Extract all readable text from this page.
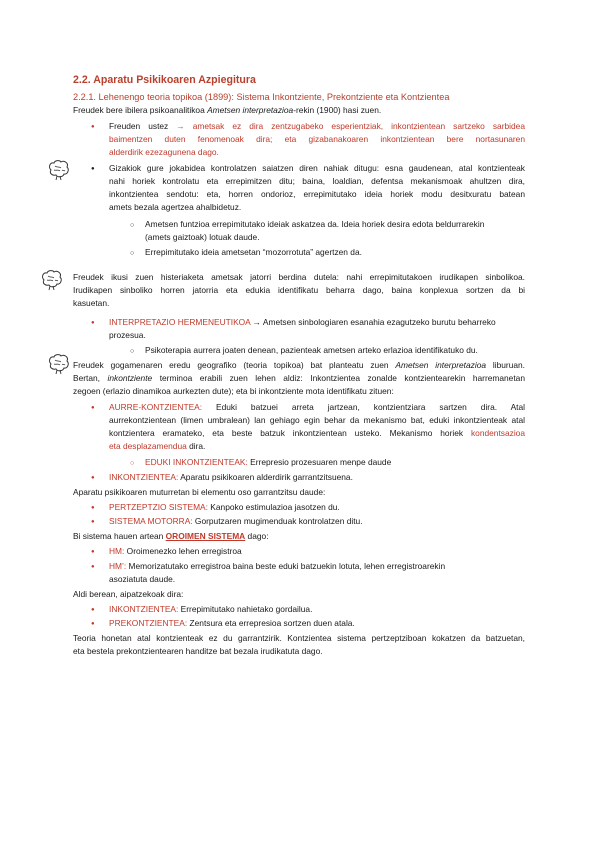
2.2. Aparatu Psikikoaren Azpiegitura
2.2.1. Lehenengo teoria topikoa (1899): Sistema Inkontziente, Prekontziente eta Kontzientea
Freudek bere ibilera psikoanalitikoa Ametsen interpretazioa-rekin (1900) hasi zuen.
●
Freuden ustez → ametsak ez dira zentzugabeko esperientziak, inkontzientean sartzeko sarbidea
baimentzen duten fenomenoak dira; eta gizabanakoaren inkontzientean bere nortasunaren
alderdirik ezezagunena dago.
●
Gizakiok gure jokabidea kontrolatzen saiatzen diren nahiak ditugu: esna gaudenean, atal kontzienteak
nahi horiek kontrolatu eta errepimitzen ditu; baina, loaldian, defentsa mekanismoak ahultzen dira,
inkontzientea sendotu: eta, horren ondorioz, errepimitutako ideia horiek modu desitxuratu batean
amets bezala agertzea ahalbidetuz.
○
Ametsen funtzioa errepimitutako ideiak askatzea da. Ideia horiek desira edota beldurrarekin
(amets gaiztoak) lotuak daude.
○
Errepimitutako ideia ametsetan “mozorrotuta” agertzen da.
Freudek ikusi zuen histeriaketa ametsak jatorri berdina dutela: nahi errepimitutakoen irudikapen sinbolikoa.
Irudikapen sinboliko horren jatorria eta edukia identifikatu beharra dago, baina konplexua sortzen da bi
kasuetan.
●
INTERPRETAZIO HERMENEUTIKOA → Ametsen sinbologiaren esanahia ezagutzeko burutu beharreko
prozesua.
○
Psikoterapia aurrera joaten denean, pazienteak ametsen arteko erlazioa identifikatuko du.
Freudek gogamenaren eredu geografiko (teoria topikoa) bat planteatu zuen Ametsen interpretazioa liburuan.
Bertan, inkontziente terminoa erabili zuen lehen aldiz: Inkontzientea zonalde kontzientearekin harremanetan
zegoen (erlazio dinamikoa aurkezten dute); eta bi inkontziente mota identifikatu zituen:
●
AURRE-KONTZIENTEA: Eduki batzuei arreta jartzean, kontzientziara sartzen dira. Atal
aurrekontzientean (limen umbralean) lan gehiago egin behar da mekanismo bat, eduki inkontzienteak atal
kontzientera eramateko, eta beste batzuk inkontzientean usteko. Mekanismo horiek kondentsazioa
eta desplazamendua dira.
○
EDUKI INKONTZIENTEAK: Errepresio prozesuaren menpe daude
●
INKONTZIENTEA: Aparatu psikikoaren alderdirik garrantzitsuena.
Aparatu psikikoaren muturretan bi elementu oso garrantzitsu daude:
●
PERTZEPTZIO SISTEMA: Kanpoko estimulazioa jasotzen du.
●
SISTEMA MOTORRA: Gorputzaren mugimenduak kontrolatzen ditu.
Bi sistema hauen artean OROIMEN SISTEMA dago:
●
HM: Oroimenezko lehen erregistroa
●
HM’: Memorizatutako erregistroa baina beste eduki batzuekin lotuta, lehen erregistroarekin
asoziatuta daude.
Aldi berean, aipatzekoak dira:
●
INKONTZIENTEA: Errepimitutako nahietako gordailua.
●
PREKONTZIENTEA: Zentsura eta errepresioa sortzen duen atala.
Teoria honetan atal kontzienteak ez du garrantzirik. Kontzientea sistema pertzeptziboan kokatzen da batzuetan,
eta bestela prekontzientearen handitze bat bezala irudikatuta dago.
